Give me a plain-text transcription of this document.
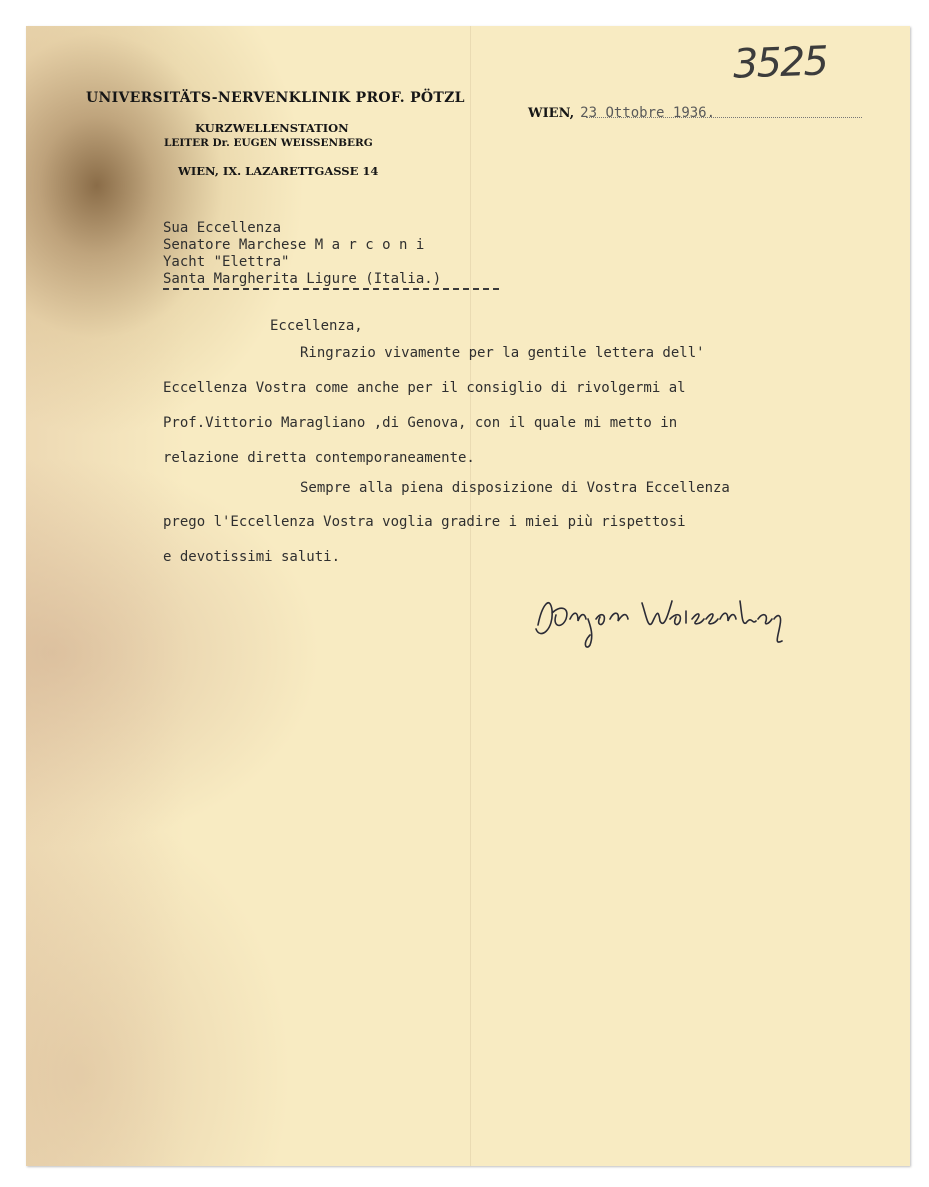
3525
UNIVERSITÄTS-NERVENKLINIK PROF. PÖTZL
KURZWELLENSTATION
LEITER Dr. EUGEN WEISSENBERG
WIEN, IX. LAZARETTGASSE 14
WIEN, 23 Ottobre 1936.
Sua Eccellenza
Senatore Marchese M a r c o n i
Yacht "Elettra"
Santa Margherita Ligure (Italia.)
Eccellenza,
Ringrazio vivamente per la gentile lettera dell'
Eccellenza Vostra come anche per il consiglio di rivolgermi al
Prof.Vittorio Maragliano ,di Genova, con il quale mi metto in
relazione diretta contemporaneamente.
Sempre alla piena disposizione di Vostra Eccellenza
prego l'Eccellenza Vostra voglia gradire i miei più rispettosi
e devotissimi saluti.
